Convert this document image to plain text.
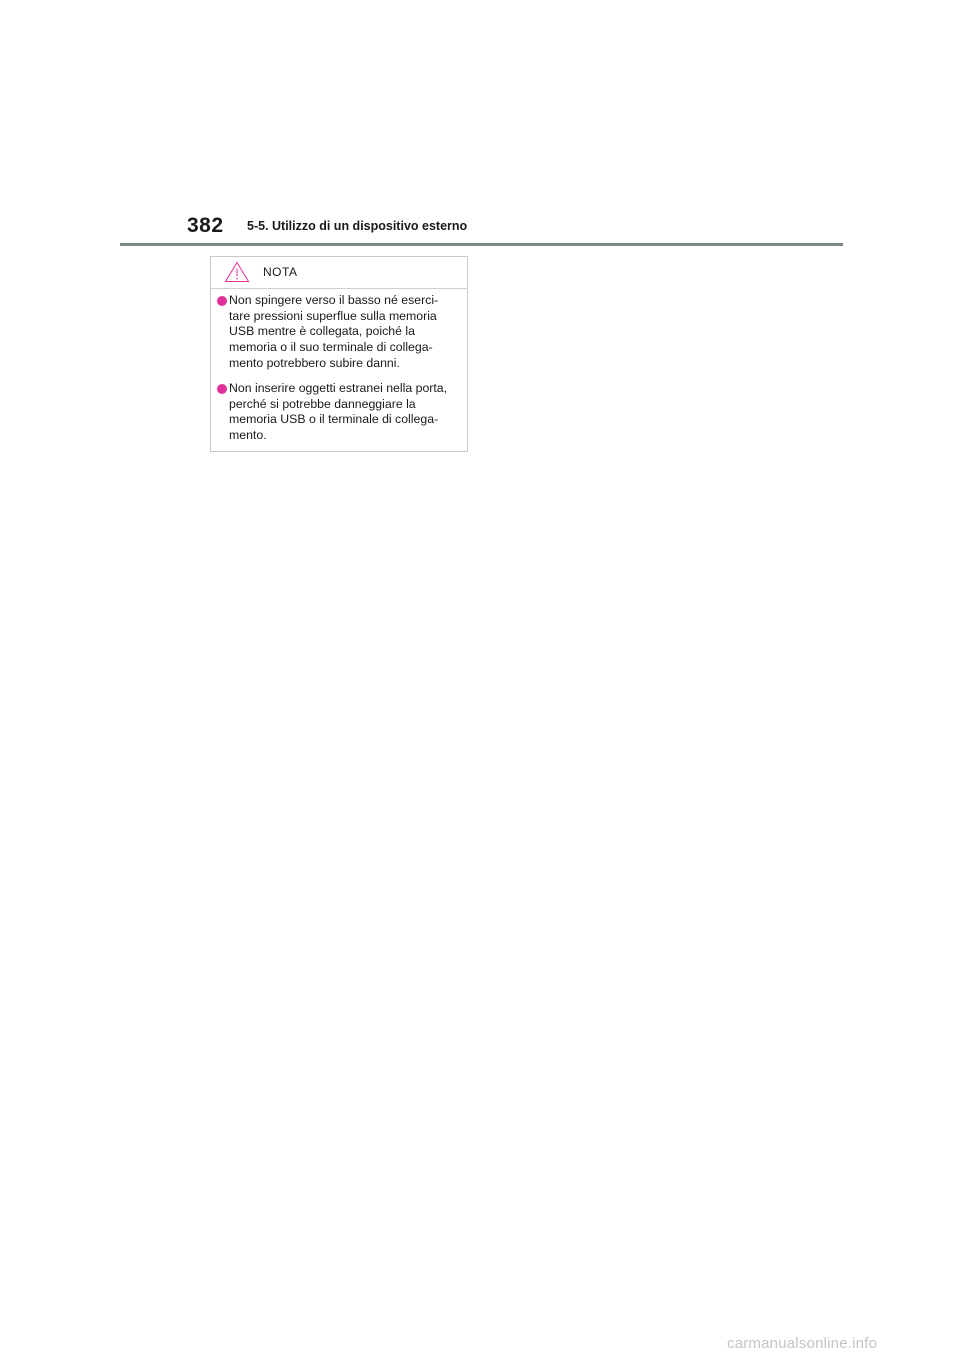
382 5-5. Utilizzo di un dispositivo esterno
NOTA
Non spingere verso il basso né eserci-
tare pressioni superflue sulla memoria
USB mentre è collegata, poiché la
memoria o il suo terminale di collega-
mento potrebbero subire danni.
Non inserire oggetti estranei nella porta,
perché si potrebbe danneggiare la
memoria USB o il terminale di collega-
mento.
carmanualsonline.info
